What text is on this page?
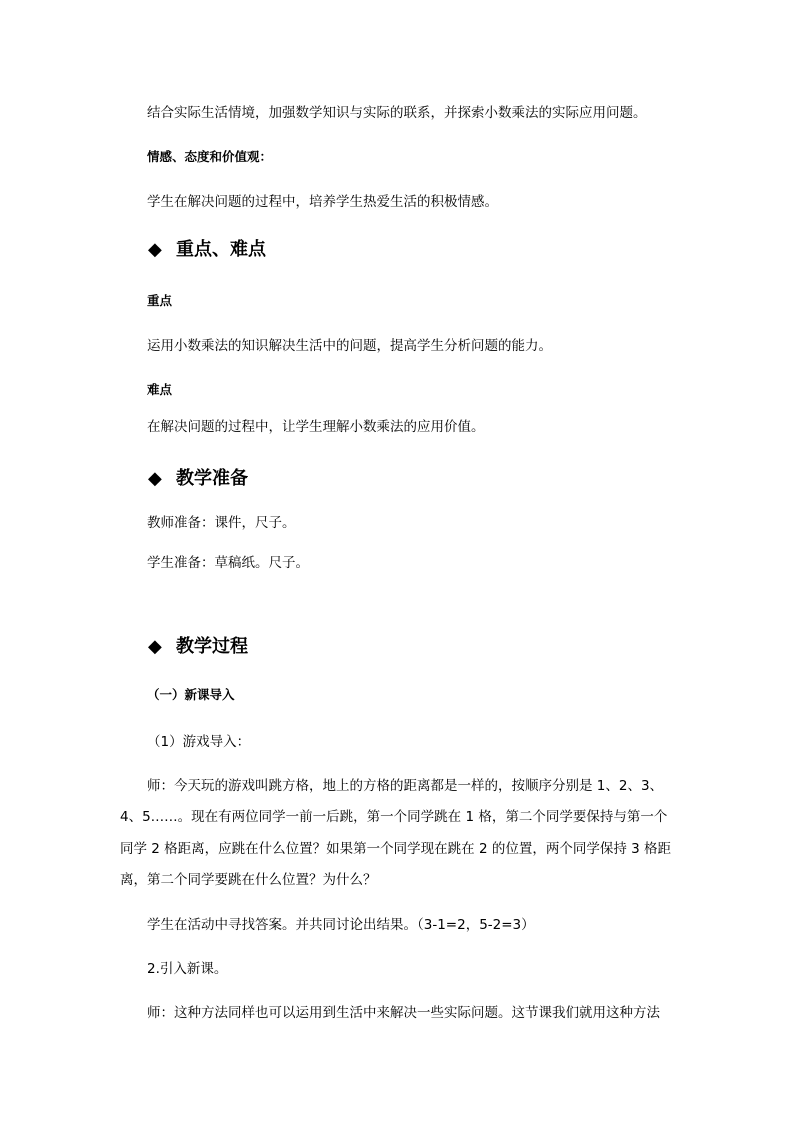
结合实际生活情境，加强数学知识与实际的联系，并探索小数乘法的实际应用问题。
情感、态度和价值观：
学生在解决问题的过程中，培养学生热爱生活的积极情感。
◆ 重点、难点
重点
运用小数乘法的知识解决生活中的问题，提高学生分析问题的能力。
难点
在解决问题的过程中，让学生理解小数乘法的应用价值。
◆ 教学准备
教师准备：课件，尺子。
学生准备：草稿纸。尺子。
◆ 教学过程
（一）新课导入
（1）游戏导入：
师：今天玩的游戏叫跳方格，地上的方格的距离都是一样的，按顺序分别是 1、2、3、
4、5……。现在有两位同学一前一后跳，第一个同学跳在 1 格，第二个同学要保持与第一个
同学 2 格距离，应跳在什么位置？如果第一个同学现在跳在 2 的位置，两个同学保持 3 格距
离，第二个同学要跳在什么位置？为什么？
学生在活动中寻找答案。并共同讨论出结果。（3-1=2，5-2=3）
2.引入新课。
师：这种方法同样也可以运用到生活中来解决一些实际问题。这节课我们就用这种方法
